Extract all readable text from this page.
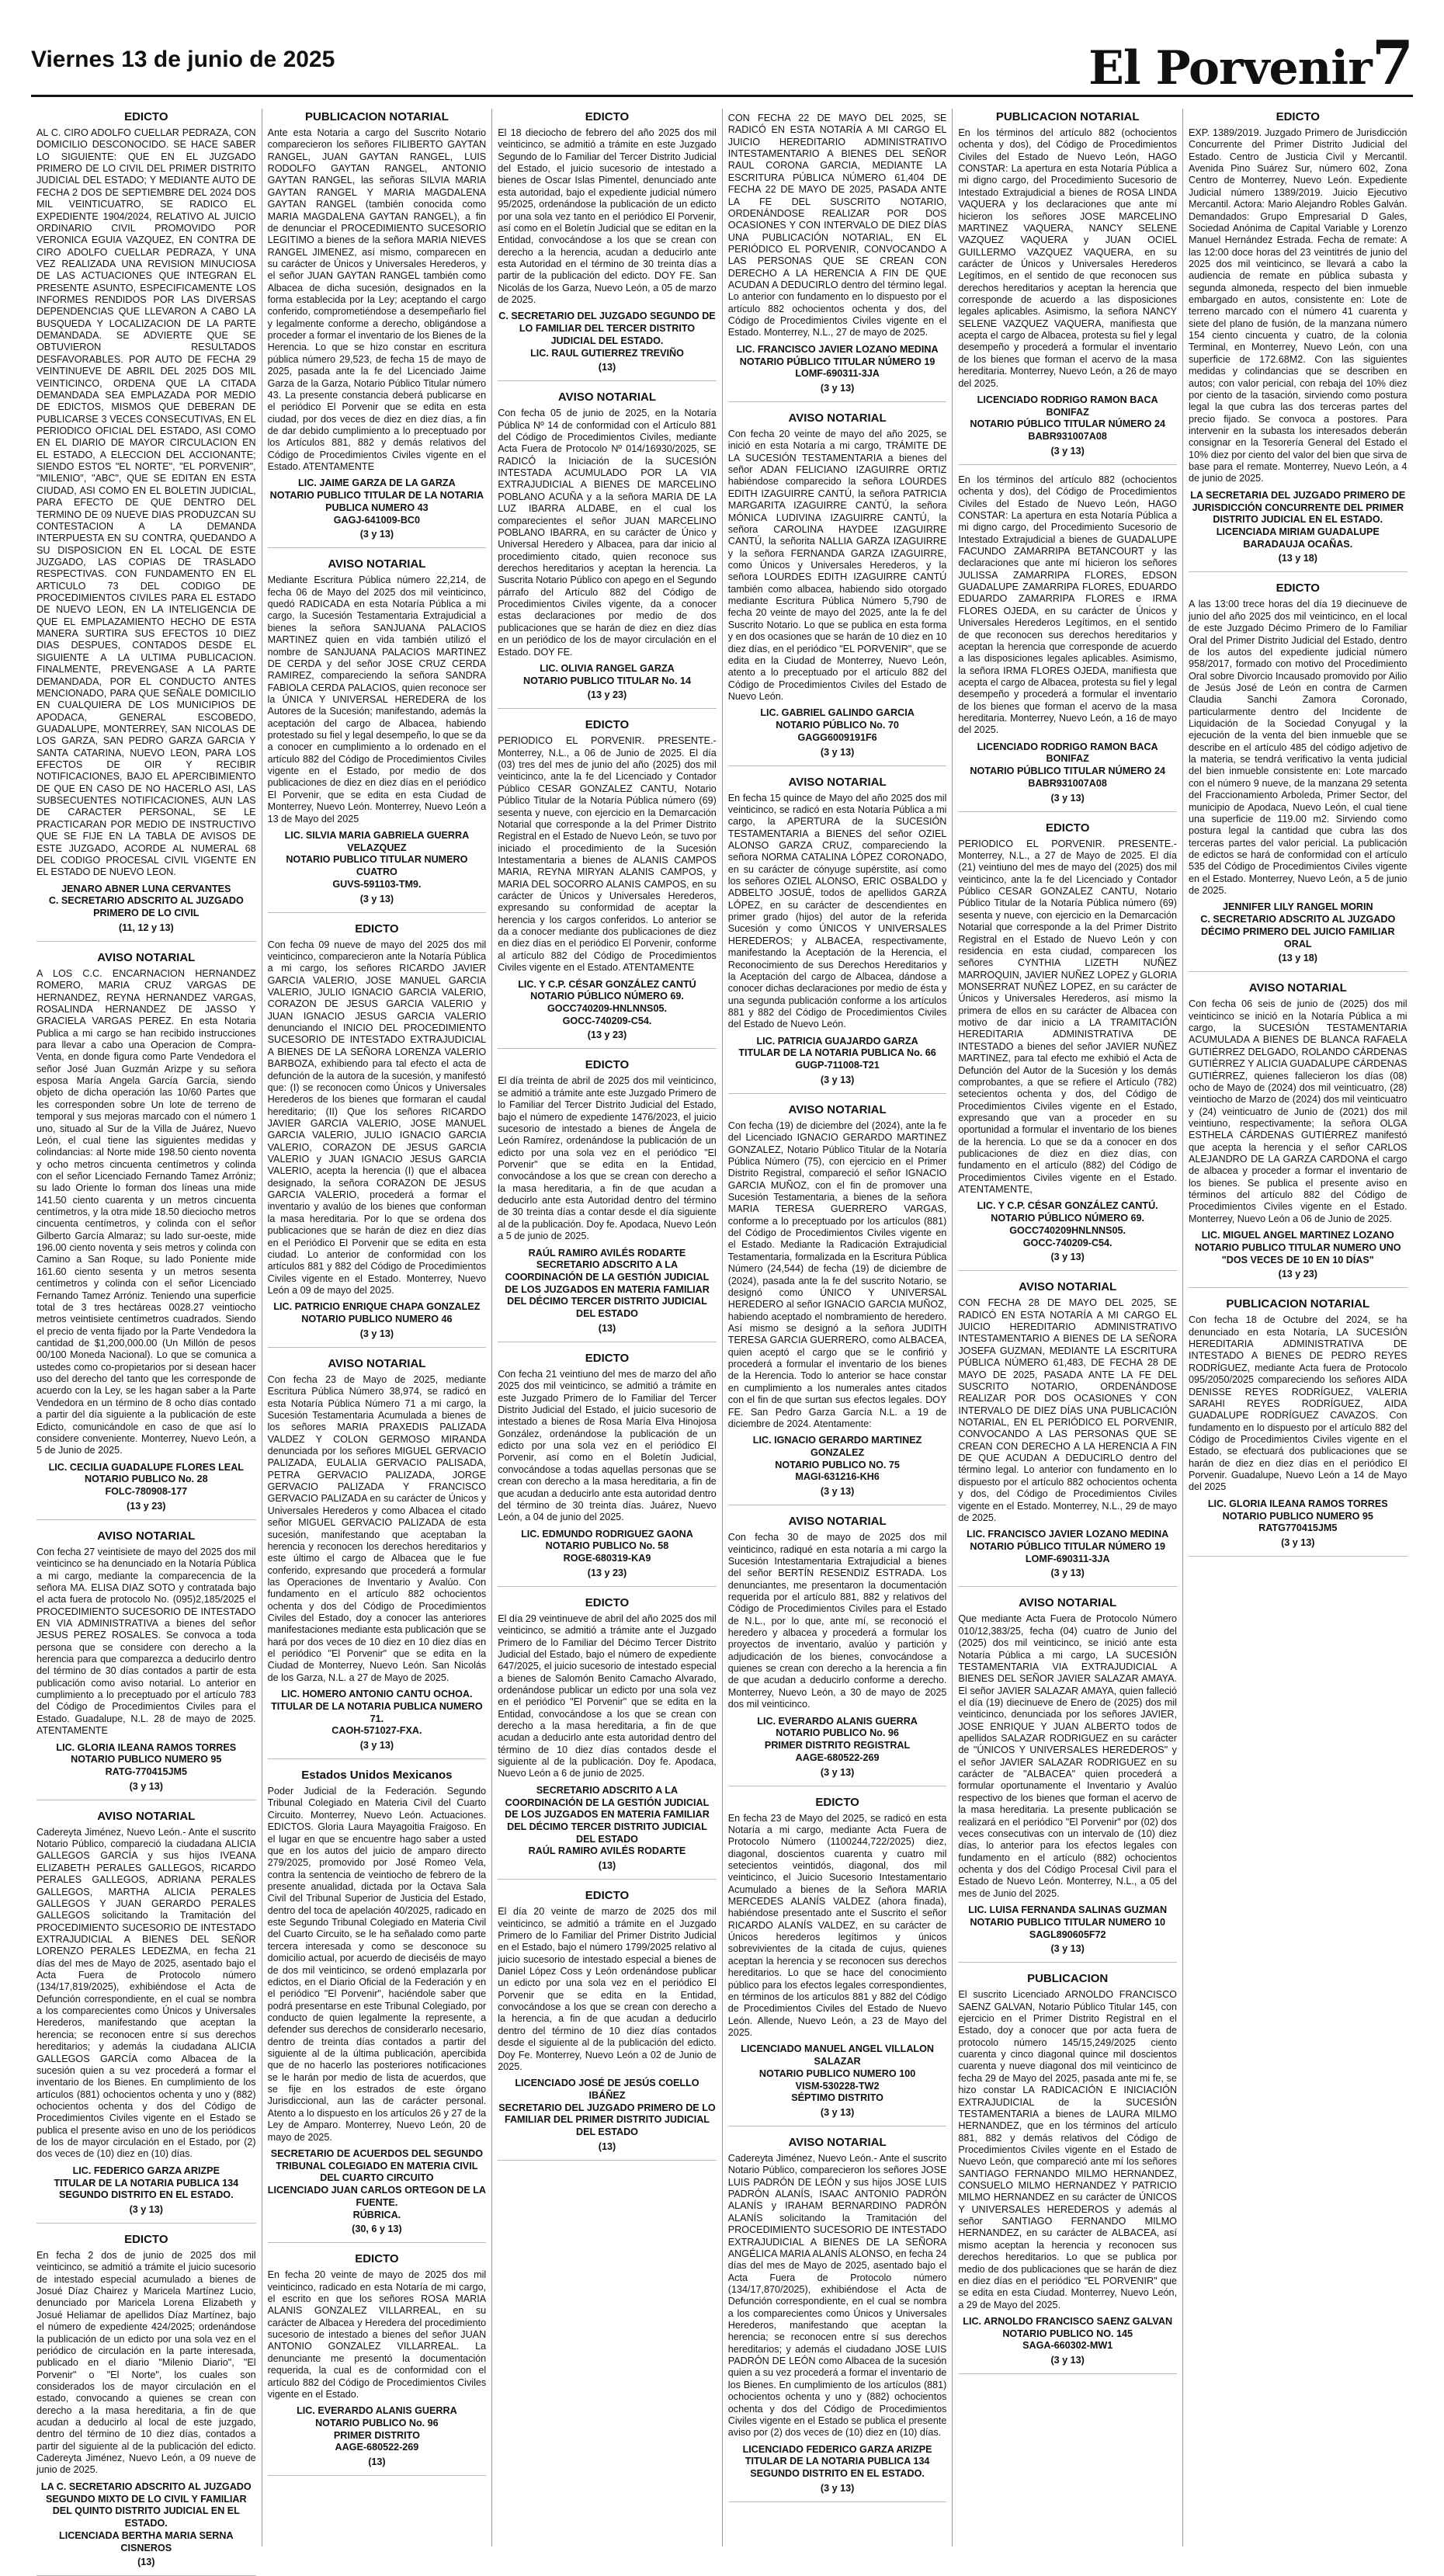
Viernes 13 de junio de 2025	El Porvenir7
EDICTO
AL C. CIRO ADOLFO CUELLAR PEDRAZA, CON DOMICILIO DESCONOCIDO. SE HACE SABER LO SIGUIENTE: QUE EN EL JUZGADO PRIMERO DE LO CIVIL DEL PRIMER DISTRITO JUDICIAL DEL ESTADO; Y MEDIANTE AUTO DE FECHA 2 DOS DE SEPTIEMBRE DEL 2024 DOS MIL VEINTICUATRO, SE RADICO EL EXPEDIENTE 1904/2024, RELATIVO AL JUICIO ORDINARIO CIVIL PROMOVIDO POR VERONICA EGUIA VAZQUEZ, EN CONTRA DE CIRO ADOLFO CUELLAR PEDRAZA, Y UNA VEZ REALIZADA UNA REVISION MINUCIOSA DE LAS ACTUACIONES QUE INTEGRAN EL PRESENTE ASUNTO, ESPECIFICAMENTE LOS INFORMES RENDIDOS POR LAS DIVERSAS DEPENDENCIAS QUE LLEVARON A CABO LA BUSQUEDA Y LOCALIZACION DE LA PARTE DEMANDADA. SE ADVIERTE QUE SE OBTUVIERON RESULTADOS DESFAVORABLES. POR AUTO DE FECHA 29 VEINTINUEVE DE ABRIL DEL 2025 DOS MIL VEINTICINCO, ORDENA QUE LA CITADA DEMANDADA SEA EMPLAZADA POR MEDIO DE EDICTOS, MISMOS QUE DEBERAN DE PUBLICARSE 3 VECES CONSECUTIVAS, EN EL PERIODICO OFICIAL DEL ESTADO, ASI COMO EN EL DIARIO DE MAYOR CIRCULACION EN EL ESTADO, A ELECCION DEL ACCIONANTE; SIENDO ESTOS "EL NORTE", "EL PORVENIR", "MILENIO", "ABC", QUE SE EDITAN EN ESTA CIUDAD, ASI COMO EN EL BOLETIN JUDICIAL, PARA EFECTO DE QUE DENTRO DEL TERMINO DE 09 NUEVE DIAS PRODUZCAN SU CONTESTACION A LA DEMANDA INTERPUESTA EN SU CONTRA, QUEDANDO A SU DISPOSICION EN EL LOCAL DE ESTE JUZGADO, LAS COPIAS DE TRASLADO RESPECTIVAS. CON FUNDAMENTO EN EL ARTICULO 73 DEL CODIGO DE PROCEDIMIENTOS CIVILES PARA EL ESTADO DE NUEVO LEON, EN LA INTELIGENCIA DE QUE EL EMPLAZAMIENTO HECHO DE ESTA MANERA SURTIRA SUS EFECTOS 10 DIEZ DIAS DESPUES, CONTADOS DESDE EL SIGUIENTE A LA ULTIMA PUBLICACION. FINALMENTE, PREVENGASE A LA PARTE DEMANDADA, POR EL CONDUCTO ANTES MENCIONADO, PARA QUE SEÑALE DOMICILIO EN CUALQUIERA DE LOS MUNICIPIOS DE APODACA, GENERAL ESCOBEDO, GUADALUPE, MONTERREY, SAN NICOLAS DE LOS GARZA, SAN PEDRO GARZA GARCIA Y SANTA CATARINA, NUEVO LEON, PARA LOS EFECTOS DE OIR Y RECIBIR NOTIFICACIONES, BAJO EL APERCIBIMIENTO DE QUE EN CASO DE NO HACERLO ASI, LAS SUBSECUENTES NOTIFICACIONES, AUN LAS DE CARACTER PERSONAL, SE LE PRACTICARAN POR MEDIO DE INSTRUCTIVO QUE SE FIJE EN LA TABLA DE AVISOS DE ESTE JUZGADO, ACORDE AL NUMERAL 68 DEL CODIGO PROCESAL CIVIL VIGENTE EN EL ESTADO DE NUEVO LEON.
JENARO ABNER LUNA CERVANTES
C. SECRETARIO ADSCRITO AL JUZGADO PRIMERO DE LO CIVIL
(11, 12 y 13)
AVISO NOTARIAL
A LOS C.C. ENCARNACION HERNANDEZ ROMERO, MARIA CRUZ VARGAS DE HERNANDEZ, REYNA HERNANDEZ VARGAS, ROSALINDA HERNANDEZ DE JASSO Y GRACIELA VARGAS PEREZ. En esta Notaria Publica a mi cargo se han recibido instrucciones para llevar a cabo una Operacion de Compra-Venta, en donde figura como Parte Vendedora el señor José Juan Guzmán Arizpe y su señora esposa María Angela García García, siendo objeto de dicha operación las 10/60 Partes que les corresponden sobre Un lote de terreno de temporal y sus mejoras marcado con el número 1 uno, situado al Sur de la Villa de Juárez, Nuevo León, el cual tiene las siguientes medidas y colindancias: al Norte mide 198.50 ciento noventa y ocho metros cincuenta centímetros y colinda con el señor Licenciado Fernando Tamez Arróniz; su lado Oriente lo forman dos líneas una mide 141.50 ciento cuarenta y un metros cincuenta centímetros, y la otra mide 18.50 dieciocho metros cincuenta centímetros, y colinda con el señor Gilberto García Almaraz; su lado sur-oeste, mide 196.00 ciento noventa y seis metros y colinda con Camino a San Roque, su lado Poniente mide 161.60 ciento sesenta y un metros sesenta centímetros y colinda con el señor Licenciado Fernando Tamez Arróniz. Teniendo una superficie total de 3 tres hectáreas 0028.27 veintiocho metros veintisiete centímetros cuadrados. Siendo el precio de venta fijado por la Parte Vendedora la cantidad de $1,200,000.00 (Un Millón de pesos 00/100 Moneda Nacional). Lo que se comunica a ustedes como co-propietarios por si desean hacer uso del derecho del tanto que les corresponde de acuerdo con la Ley, se les hagan saber a la Parte Vendedora en un término de 8 ocho días contado a partir del día siguiente a la publicación de este Edicto, comunicándole en caso de que así lo considere conveniente. Monterrey, Nuevo León, a 5 de Junio de 2025.
LIC. CECILIA GUADALUPE FLORES LEAL
NOTARIO PUBLICO No. 28
FOLC-780908-177
(13 y 23)
AVISO NOTARIAL
Con fecha 27 veintisiete de mayo del 2025 dos mil veinticinco se ha denunciado en la Notaría Pública a mi cargo, mediante la comparecencia de la señora MA. ELISA DIAZ SOTO y contratada bajo el acta fuera de protocolo No. (095)2,185/2025 el PROCEDIMIENTO SUCESORIO DE INTESTADO EN VIA ADMINISTRATIVA a bienes del señor JESUS PEREZ ROSALES. Se convoca a toda persona que se considere con derecho a la herencia para que comparezca a deducirlo dentro del término de 30 días contados a partir de esta publicación como aviso notarial. Lo anterior en cumplimiento a lo preceptuado por el artículo 783 del Código de Procedimientos Civiles para el Estado. Guadalupe, N.L. 28 de mayo de 2025. ATENTAMENTE
LIC. GLORIA ILEANA RAMOS TORRES
NOTARIO PUBLICO NUMERO 95
RATG-770415JM5
(3 y 13)
AVISO NOTARIAL
Cadereyta Jiménez, Nuevo León.- Ante el suscrito Notario Público, compareció la ciudadana ALICIA GALLEGOS GARCÍA y sus hijos IVEANA ELIZABETH PERALES GALLEGOS, RICARDO PERALES GALLEGOS, ADRIANA PERALES GALLEGOS, MARTHA ALICIA PERALES GALLEGOS Y JUAN GERARDO PERALES GALLEGOS solicitando la Tramitación del PROCEDIMIENTO SUCESORIO DE INTESTADO EXTRAJUDICIAL A BIENES DEL SEÑOR LORENZO PERALES LEDEZMA, en fecha 21 días del mes de Mayo de 2025, asentado bajo el Acta Fuera de Protocolo número (134/17,819/2025), exhibiéndose el Acta de Defunción correspondiente, en el cual se nombra a los comparecientes como Únicos y Universales Herederos, manifestando que aceptan la herencia; se reconocen entre sí sus derechos hereditarios; y además la ciudadana ALICIA GALLEGOS GARCÍA como Albacea de la sucesión quien a su vez procederá a formar el inventario de los Bienes. En cumplimiento de los artículos (881) ochocientos ochenta y uno y (882) ochocientos ochenta y dos del Código de Procedimientos Civiles vigente en el Estado se publica el presente aviso en uno de los periódicos de los de mayor circulación en el Estado, por (2) dos veces de (10) diez en (10) días.
LIC. FEDERICO GARZA ARIZPE
TITULAR DE LA NOTARIA PUBLICA 134
SEGUNDO DISTRITO EN EL ESTADO.
(3 y 13)
EDICTO
En fecha 2 dos de junio de 2025 dos mil veinticinco, se admitió a trámite el juicio sucesorio de intestado especial acumulado a bienes de Josué Díaz Chairez y Maricela Martínez Lucio, denunciado por Maricela Lorena Elizabeth y Josué Heliamar de apellidos Díaz Martínez, bajo el número de expediente 424/2025; ordenándose la publicación de un edicto por una sola vez en el periódico de circulación en la parte interesada, publicado en el diario "Milenio Diario", "El Porvenir" o "El Norte", los cuales son considerados los de mayor circulación en el estado, convocando a quienes se crean con derecho a la masa hereditaria, a fin de que acudan a deducirlo al local de este juzgado, dentro del término de 10 diez días, contados a partir del siguiente al de la publicación del edicto. Cadereyta Jiménez, Nuevo León, a 09 nueve de junio de 2025.
LA C. SECRETARIO ADSCRITO AL JUZGADO SEGUNDO MIXTO DE LO CIVIL Y FAMILIAR DEL QUINTO DISTRITO JUDICIAL EN EL ESTADO.
LICENCIADA BERTHA MARIA SERNA CISNEROS
(13)
PUBLICACION NOTARIAL
Ante esta Notaria a cargo del Suscrito Notario comparecieron los señores FILIBERTO GAYTAN RANGEL, JUAN GAYTAN RANGEL, LUIS RODOLFO GAYTAN RANGEL, ANTONIO GAYTAN RANGEL, las señoras SILVIA MARIA GAYTAN RANGEL Y MARIA MAGDALENA GAYTAN RANGEL (también conocida como MARIA MAGDALENA GAYTAN RANGEL), a fin de denunciar el PROCEDIMIENTO SUCESORIO LEGITIMO a bienes de la señora MARIA NIEVES RANGEL JIMENEZ, así mismo, comparecen en su carácter de Únicos y Universales Herederos, y el señor JUAN GAYTAN RANGEL también como Albacea de dicha sucesión, designados en la forma establecida por la Ley; aceptando el cargo conferido, comprometiéndose a desempeñarlo fiel y legalmente conforme a derecho, obligándose a proceder a formar el inventario de los Bienes de la Herencia. Lo que se hizo constar en escritura pública número 29,523, de fecha 15 de mayo de 2025, pasada ante la fe del Licenciado Jaime Garza de la Garza, Notario Público Titular número 43. La presente constancia deberá publicarse en el periódico El Porvenir que se edita en esta ciudad, por dos veces de diez en diez días, a fin de dar debido cumplimiento a lo preceptuado por los Artículos 881, 882 y demás relativos del Código de Procedimientos Civiles vigente en el Estado. ATENTAMENTE
LIC. JAIME GARZA DE LA GARZA
NOTARIO PUBLICO TITULAR DE LA NOTARIA PUBLICA NUMERO 43
GAGJ-641009-BC0
(3 y 13)
AVISO NOTARIAL
Mediante Escritura Pública número 22,214, de fecha 06 de Mayo del 2025 dos mil veinticinco, quedó RADICADA en esta Notaría Pública a mi cargo, la Sucesión Testamentaria Extrajudicial a bienes la señora SANJUANA PALACIOS MARTINEZ quien en vida también utilizó el nombre de SANJUANA PALACIOS MARTINEZ DE CERDA y del señor JOSE CRUZ CERDA RAMIREZ, compareciendo la señora SANDRA FABIOLA CERDA PALACIOS, quien reconoce ser la ÚNICA Y UNIVERSAL HEREDERA de los Autores de la Sucesión; manifestando, además la aceptación del cargo de Albacea, habiendo protestado su fiel y legal desempeño, lo que se da a conocer en cumplimiento a lo ordenado en el artículo 882 del Código de Procedimientos Civiles vigente en el Estado, por medio de dos publicaciones de diez en diez días en el periódico El Porvenir, que se edita en esta Ciudad de Monterrey, Nuevo León. Monterrey, Nuevo León a 13 de Mayo del 2025
LIC. SILVIA MARIA GABRIELA GUERRA VELAZQUEZ
NOTARIO PUBLICO TITULAR NUMERO CUATRO
GUVS-591103-TM9.
(3 y 13)
EDICTO
Con fecha 09 nueve de mayo del 2025 dos mil veinticinco, comparecieron ante la Notaría Pública a mi cargo, los señores RICARDO JAVIER GARCIA VALERIO, JOSE MANUEL GARCIA VALERIO, JULIO IGNACIO GARCIA VALERIO, CORAZON DE JESUS GARCIA VALERIO y JUAN IGNACIO JESUS GARCIA VALERIO denunciando el INICIO DEL PROCEDIMIENTO SUCESORIO DE INTESTADO EXTRAJUDICIAL A BIENES DE LA SEÑORA LORENZA VALERIO BARBOZA, exhibiendo para tal efecto el acta de defunción de la autora de la sucesión, y manifestó que: (I) se reconocen como Únicos y Universales Herederos de los bienes que formaran el caudal hereditario; (II) Que los señores RICARDO JAVIER GARCIA VALERIO, JOSE MANUEL GARCIA VALERIO, JULIO IGNACIO GARCIA VALERIO, CORAZON DE JESUS GARCIA VALERIO y JUAN IGNACIO JESUS GARCIA VALERIO, acepta la herencia (I) que el albacea designado, la señora CORAZON DE JESUS GARCIA VALERIO, procederá a formar el inventario y avalúo de los bienes que conforman la masa hereditaria. Por lo que se ordena dos publicaciones que se harán de diez en diez días en el Periódico El Porvenir que se edita en esta ciudad. Lo anterior de conformidad con los artículos 881 y 882 del Código de Procedimientos Civiles vigente en el Estado. Monterrey, Nuevo León a 09 de mayo del 2025.
LIC. PATRICIO ENRIQUE CHAPA GONZALEZ
NOTARIO PUBLICO NUMERO 46
(3 y 13)
AVISO NOTARIAL
Con fecha 23 de Mayo de 2025, mediante Escritura Pública Número 38,974, se radicó en esta Notaría Pública Número 71 a mi cargo, la Sucesión Testamentaria Acumulada a bienes de los señores MARIA PRAXEDIS PALIZADA VALDEZ Y COLON GERMOSO MIRANDA denunciada por los señores MIGUEL GERVACIO PALIZADA, EULALIA GERVACIO PALISADA, PETRA GERVACIO PALIZADA, JORGE GERVACIO PALIZADA Y FRANCISCO GERVACIO PALIZADA en su carácter de Únicos y Universales Herederos y como Albacea el citado señor MIGUEL GERVACIO PALIZADA de esta sucesión, manifestando que aceptaban la herencia y reconocen los derechos hereditarios y este último el cargo de Albacea que le fue conferido, expresando que procederá a formular las Operaciones de Inventario y Avalúo. Con fundamento en el artículo 882 ochocientos ochenta y dos del Código de Procedimientos Civiles del Estado, doy a conocer las anteriores manifestaciones mediante esta publicación que se hará por dos veces de 10 diez en 10 diez días en el periódico "El Porvenir" que se edita en la Ciudad de Monterrey, Nuevo León. San Nicolás de los Garza, N.L. a 27 de Mayo de 2025.
LIC. HOMERO ANTONIO CANTU OCHOA.
TITULAR DE LA NOTARIA PUBLICA NUMERO 71.
CAOH-571027-FXA.
(3 y 13)
Estados Unidos Mexicanos
Poder Judicial de la Federación. Segundo Tribunal Colegiado en Materia Civil del Cuarto Circuito. Monterrey, Nuevo León. Actuaciones. EDICTOS. Gloria Laura Mayagoitia Fraigoso. En el lugar en que se encuentre hago saber a usted que en los autos del juicio de amparo directo 279/2025, promovido por José Romeo Vela, contra la sentencia de veintiocho de febrero de la presente anualidad, dictada por la Octava Sala Civil del Tribunal Superior de Justicia del Estado, dentro del toca de apelación 40/2025, radicado en este Segundo Tribunal Colegiado en Materia Civil del Cuarto Circuito, se le ha señalado como parte tercera interesada y como se desconoce su domicilio actual, por acuerdo de dieciséis de mayo de dos mil veinticinco, se ordenó emplazarla por edictos, en el Diario Oficial de la Federación y en el periódico "El Porvenir", haciéndole saber que podrá presentarse en este Tribunal Colegiado, por conducto de quien legalmente la represente, a defender sus derechos de considerarlo necesario, dentro de treinta días contados a partir del siguiente al de la última publicación, apercibida que de no hacerlo las posteriores notificaciones se le harán por medio de lista de acuerdos, que se fije en los estrados de este órgano Jurisdiccional, aun las de carácter personal. Atento a lo dispuesto en los artículos 26 y 27 de la Ley de Amparo. Monterrey, Nuevo León, 20 de mayo de 2025.
SECRETARIO DE ACUERDOS DEL SEGUNDO TRIBUNAL COLEGIADO EN MATERIA CIVIL DEL CUARTO CIRCUITO
LICENCIADO JUAN CARLOS ORTEGON DE LA FUENTE.
RÚBRICA.
(30, 6 y 13)
EDICTO
En fecha 20 veinte de mayo de 2025 dos mil veinticinco, radicado en esta Notaría de mi cargo, el escrito en que los señores ROSA MARIA ALANIS GONZALEZ VILLARREAL, en su carácter de Albacea y Heredera del procedimiento sucesorio de intestado a bienes del señor JUAN ANTONIO GONZALEZ VILLARREAL. La denunciante me presentó la documentación requerida, la cual es de conformidad con el artículo 882 del Código de Procedimientos Civiles vigente en el Estado.
LIC. EVERARDO ALANIS GUERRA
NOTARIO PUBLICO No. 96
PRIMER DISTRITO
AAGE-680522-269
(13)
EDICTO
El 18 dieciocho de febrero del año 2025 dos mil veinticinco, se admitió a trámite en este Juzgado Segundo de lo Familiar del Tercer Distrito Judicial del Estado, el juicio sucesorio de intestado a bienes de Oscar Islas Pimentel, denunciado ante esta autoridad, bajo el expediente judicial número 95/2025, ordenándose la publicación de un edicto por una sola vez tanto en el periódico El Porvenir, así como en el Boletín Judicial que se editan en la Entidad, convocándose a los que se crean con derecho a la herencia, acudan a deducirlo ante esta Autoridad en el término de 30 treinta días a partir de la publicación del edicto. DOY FE. San Nicolás de los Garza, Nuevo León, a 05 de marzo de 2025.
C. SECRETARIO DEL JUZGADO SEGUNDO DE LO FAMILIAR DEL TERCER DISTRITO JUDICIAL DEL ESTADO.
LIC. RAUL GUTIERREZ TREVIÑO
(13)
AVISO NOTARIAL
Con fecha 05 de junio de 2025, en la Notaría Pública Nº 14 de conformidad con el Artículo 881 del Código de Procedimientos Civiles, mediante Acta Fuera de Protocolo Nº 014/16930/2025, SE RADICÓ la Iniciación de la SUCESIÓN INTESTADA ACUMULADO POR LA VIA EXTRAJUDICIAL A BIENES DE MARCELINO POBLANO ACUÑA y a la señora MARIA DE LA LUZ IBARRA ALDABE, en el cual los comparecientes el señor JUAN MARCELINO POBLANO IBARRA, en su carácter de Único y Universal Heredero y Albacea, para dar inicio al procedimiento citado, quien reconoce sus derechos hereditarios y aceptan la herencia. La Suscrita Notario Público con apego en el Segundo párrafo del Artículo 882 del Código de Procedimientos Civiles vigente, da a conocer estas declaraciones por medio de dos publicaciones que se harán de diez en diez días en un periódico de los de mayor circulación en el Estado. DOY FE.
LIC. OLIVIA RANGEL GARZA
NOTARIO PUBLICO TITULAR No. 14
(13 y 23)
EDICTO
PERIODICO EL PORVENIR. PRESENTE.- Monterrey, N.L., a 06 de Junio de 2025. El día (03) tres del mes de junio del año (2025) dos mil veinticinco, ante la fe del Licenciado y Contador Público CESAR GONZALEZ CANTU, Notario Público Titular de la Notaría Pública número (69) sesenta y nueve, con ejercicio en la Demarcación Notarial que corresponde a la del Primer Distrito Registral en el Estado de Nuevo León, se tuvo por iniciado el procedimiento de la Sucesión Intestamentaria a bienes de ALANIS CAMPOS MARIA, REYNA MIRYAN ALANIS CAMPOS, y MARIA DEL SOCORRO ALANIS CAMPOS, en su carácter de Únicos y Universales Herederos, expresando su conformidad de aceptar la herencia y los cargos conferidos. Lo anterior se da a conocer mediante dos publicaciones de diez en diez días en el periódico El Porvenir, conforme al artículo 882 del Código de Procedimientos Civiles vigente en el Estado. ATENTAMENTE
LIC. Y C.P. CÉSAR GONZÁLEZ CANTÚ
NOTARIO PÚBLICO NÚMERO 69.
GOCC740209-HNLNNS05.
GOCC-740209-C54.
(13 y 23)
EDICTO
El día treinta de abril de 2025 dos mil veinticinco, se admitió a trámite ante este Juzgado Primero de lo Familiar del Tercer Distrito Judicial del Estado, bajo el número de expediente 1476/2023, el juicio sucesorio de intestado a bienes de Ángela de León Ramírez, ordenándose la publicación de un edicto por una sola vez en el periódico "El Porvenir" que se edita en la Entidad, convocándose a los que se crean con derecho a la masa hereditaria, a fin de que acudan a deducirlo ante esta Autoridad dentro del término de 30 treinta días a contar desde el día siguiente al de la publicación. Doy fe. Apodaca, Nuevo León a 5 de junio de 2025.
RAÚL RAMIRO AVILÉS RODARTE
SECRETARIO ADSCRITO A LA COORDINACIÓN DE LA GESTIÓN JUDICIAL DE LOS JUZGADOS EN MATERIA FAMILIAR DEL DÉCIMO TERCER DISTRITO JUDICIAL DEL ESTADO
(13)
EDICTO
Con fecha 21 veintiuno del mes de marzo del año 2025 dos mil veinticinco, se admitió a trámite en este Juzgado Primero de lo Familiar del Tercer Distrito Judicial del Estado, el juicio sucesorio de intestado a bienes de Rosa María Elva Hinojosa González, ordenándose la publicación de un edicto por una sola vez en el periódico El Porvenir, así como en el Boletín Judicial, convocándose a todas aquellas personas que se crean con derecho a la masa hereditaria, a fin de que acudan a deducirlo ante esta autoridad dentro del término de 30 treinta días. Juárez, Nuevo León, a 04 de junio del 2025.
LIC. EDMUNDO RODRIGUEZ GAONA
NOTARIO PUBLICO No. 58
ROGE-680319-KA9
(13 y 23)
EDICTO
El día 29 veintinueve de abril del año 2025 dos mil veinticinco, se admitió a trámite ante el Juzgado Primero de lo Familiar del Décimo Tercer Distrito Judicial del Estado, bajo el número de expediente 647/2025, el juicio sucesorio de intestado especial a bienes de Salomón Benito Camacho Alvarado, ordenándose publicar un edicto por una sola vez en el periódico "El Porvenir" que se edita en la Entidad, convocándose a los que se crean con derecho a la masa hereditaria, a fin de que acudan a deducirlo ante esta autoridad dentro del término de 10 diez días contados desde el siguiente al de la publicación. Doy fe. Apodaca, Nuevo León a 6 de junio de 2025.
SECRETARIO ADSCRITO A LA COORDINACIÓN DE LA GESTIÓN JUDICIAL DE LOS JUZGADOS EN MATERIA FAMILIAR DEL DÉCIMO TERCER DISTRITO JUDICIAL DEL ESTADO
RAÚL RAMIRO AVILÉS RODARTE
(13)
EDICTO
El día 20 veinte de marzo de 2025 dos mil veinticinco, se admitió a trámite en el Juzgado Primero de lo Familiar del Primer Distrito Judicial en el Estado, bajo el número 1799/2025 relativo al juicio sucesorio de intestado especial a bienes de Daniel López Coss y León ordenándose publicar un edicto por una sola vez en el periódico El Porvenir que se edita en la Entidad, convocándose a los que se crean con derecho a la herencia, a fin de que acudan a deducirlo dentro del término de 10 diez días contados desde el siguiente al de la publicación del edicto. Doy Fe. Monterrey, Nuevo León a 02 de Junio de 2025.
LICENCIADO JOSÉ DE JESÚS COELLO IBÁÑEZ
SECRETARIO DEL JUZGADO PRIMERO DE LO FAMILIAR DEL PRIMER DISTRITO JUDICIAL DEL ESTADO
(13)
CON FECHA 22 DE MAYO DEL 2025, SE RADICÓ EN ESTA NOTARÍA A MI CARGO EL JUICIO HEREDITARIO ADMINISTRATIVO INTESTAMENTARIO A BIENES DEL SEÑOR RAUL CORONA GARCIA, MEDIANTE LA ESCRITURA PÚBLICA NÚMERO 61,404 DE FECHA 22 DE MAYO DE 2025, PASADA ANTE LA FE DEL SUSCRITO NOTARIO, ORDENÁNDOSE REALIZAR POR DOS OCASIONES Y CON INTERVALO DE DIEZ DÍAS UNA PUBLICACIÓN NOTARIAL, EN EL PERIÓDICO EL PORVENIR, CONVOCANDO A LAS PERSONAS QUE SE CREAN CON DERECHO A LA HERENCIA A FIN DE QUE ACUDAN A DEDUCIRLO dentro del término legal. Lo anterior con fundamento en lo dispuesto por el artículo 882 ochocientos ochenta y dos, del Código de Procedimientos Civiles vigente en el Estado. Monterrey, N.L., 27 de mayo de 2025.
LIC. FRANCISCO JAVIER LOZANO MEDINA
NOTARIO PÚBLICO TITULAR NÚMERO 19
LOMF-690311-3JA
(3 y 13)
AVISO NOTARIAL
Con fecha 20 veinte de mayo del año 2025, se inició en esta Notaría a mi cargo, TRÁMITE DE LA SUCESIÓN TESTAMENTARIA a bienes del señor ADAN FELICIANO IZAGUIRRE ORTIZ habiéndose comparecido la señora LOURDES EDITH IZAGUIRRE CANTÚ, la señora PATRICIA MARGARITA IZAGUIRRE CANTÚ, la señora MÓNICA LUDIVINA IZAGUIRRE CANTÚ, la señora CAROLINA HAYDEE IZAGUIRRE CANTÚ, la señorita NALLIA GARZA IZAGUIRRE y la señora FERNANDA GARZA IZAGUIRRE, como Únicos y Universales Herederos, y la señora LOURDES EDITH IZAGUIRRE CANTÚ también como albacea, habiendo sido otorgado mediante Escritura Pública Número 5,790 de fecha 20 veinte de mayo del 2025, ante la fe del Suscrito Notario. Lo que se publica en esta forma y en dos ocasiones que se harán de 10 diez en 10 diez días, en el periódico "EL PORVENIR", que se edita en la Ciudad de Monterrey, Nuevo León, atento a lo preceptuado por el artículo 882 del Código de Procedimientos Civiles del Estado de Nuevo León.
LIC. GABRIEL GALINDO GARCIA
NOTARIO PÚBLICO No. 70
GAGG6009191F6
(3 y 13)
AVISO NOTARIAL
En fecha 15 quince de Mayo del año 2025 dos mil veinticinco, se radicó en esta Notaría Pública a mi cargo, la APERTURA de la SUCESIÓN TESTAMENTARIA a BIENES del señor OZIEL ALONSO GARZA CRUZ, compareciendo la señora NORMA CATALINA LÓPEZ CORONADO, en su carácter de cónyuge supérstite, así como los señores OZIEL ALONSO, ERIC OSBALDO y ADBELTO JOSUÉ, todos de apellidos GARZA LÓPEZ, en su carácter de descendientes en primer grado (hijos) del autor de la referida Sucesión y como ÚNICOS Y UNIVERSALES HEREDEROS; y ALBACEA, respectivamente, manifestando la Aceptación de la Herencia, el Reconocimiento de sus Derechos Hereditarios y la Aceptación del cargo de Albacea, dándose a conocer dichas declaraciones por medio de ésta y una segunda publicación conforme a los artículos 881 y 882 del Código de Procedimientos Civiles del Estado de Nuevo León.
LIC. PATRICIA GUAJARDO GARZA
TITULAR DE LA NOTARIA PUBLICA No. 66
GUGP-711008-T21
(3 y 13)
AVISO NOTARIAL
Con fecha (19) de diciembre del (2024), ante la fe del Licenciado IGNACIO GERARDO MARTINEZ GONZALEZ, Notario Público Titular de la Notaría Pública Número (75), con ejercicio en el Primer Distrito Registral, compareció el señor IGNACIO GARCIA MUÑOZ, con el fin de promover una Sucesión Testamentaria, a bienes de la señora MARIA TERESA GUERRERO VARGAS, conforme a lo preceptuado por los artículos (881) del Código de Procedimientos Civiles vigente en el Estado. Mediante la Radicación Extrajudicial Testamentaria, formalizada en la Escritura Pública Número (24,544) de fecha (19) de diciembre de (2024), pasada ante la fe del suscrito Notario, se designó como ÚNICO Y UNIVERSAL HEREDERO al señor IGNACIO GARCIA MUÑOZ, habiendo aceptado el nombramiento de heredero. Así mismo se designó a la señora JUDITH TERESA GARCIA GUERRERO, como ALBACEA, quien aceptó el cargo que se le confirió y procederá a formular el inventario de los bienes de la Herencia. Todo lo anterior se hace constar en cumplimiento a los numerales antes citados con el fin de que surtan sus efectos legales. DOY FE. San Pedro Garza García N.L. a 19 de diciembre de 2024. Atentamente:
LIC. IGNACIO GERARDO MARTINEZ GONZALEZ
NOTARIO PUBLICO NO. 75
MAGI-631216-KH6
(3 y 13)
AVISO NOTARIAL
Con fecha 30 de mayo de 2025 dos mil veinticinco, radiqué en esta notaría a mi cargo la Sucesión Intestamentaria Extrajudicial a bienes del señor BERTÍN RESENDIZ ESTRADA. Los denunciantes, me presentaron la documentación requerida por el artículo 881, 882 y relativos del Código de Procedimientos Civiles para el Estado de N.L., por lo que, ante mí, se reconoció el heredero y albacea y procederá a formular los proyectos de inventario, avalúo y partición y adjudicación de los bienes, convocándose a quienes se crean con derecho a la herencia a fin de que acudan a deducirlo conforme a derecho. Monterrey, Nuevo León, a 30 de mayo de 2025 dos mil veinticinco.
LIC. EVERARDO ALANIS GUERRA
NOTARIO PUBLICO No. 96
PRIMER DISTRITO REGISTRAL
AAGE-680522-269
(3 y 13)
EDICTO
En fecha 23 de Mayo del 2025, se radicó en esta Notaría a mi cargo, mediante Acta Fuera de Protocolo Número (1100244,722/2025) diez, diagonal, doscientos cuarenta y cuatro mil setecientos veintidós, diagonal, dos mil veinticinco, el Juicio Sucesorio Intestamentario Acumulado a bienes de la Señora MARIA MERCEDES ALANÍS VALDEZ (ahora finada), habiéndose presentado ante el Suscrito el señor RICARDO ALANÍS VALDEZ, en su carácter de Únicos herederos legítimos y únicos sobrevivientes de la citada de cujus, quienes aceptan la herencia y se reconocen sus derechos hereditarios. Lo que se hace del conocimiento público para los efectos legales correspondientes, en términos de los artículos 881 y 882 del Código de Procedimientos Civiles del Estado de Nuevo León. Allende, Nuevo León, a 23 de Mayo del 2025.
LICENCIADO MANUEL ANGEL VILLALON SALAZAR
NOTARIO PUBLICO NUMERO 100
VISM-530228-TW2
SÉPTIMO DISTRITO
(3 y 13)
AVISO NOTARIAL
Cadereyta Jiménez, Nuevo León.- Ante el suscrito Notario Público, comparecieron los señores JOSE LUIS PADRÓN DE LEÓN y sus hijos JOSE LUIS PADRÓN ALANÍS, ISAAC ANTONIO PADRÓN ALANÍS y IRAHAM BERNARDINO PADRÓN ALANÍS solicitando la Tramitación del PROCEDIMIENTO SUCESORIO DE INTESTADO EXTRAJUDICIAL A BIENES DE LA SEÑORA ANGÉLICA MARIA ALANÍS ALONSO, en fecha 24 días del mes de Mayo de 2025, asentado bajo el Acta Fuera de Protocolo número (134/17,870/2025), exhibiéndose el Acta de Defunción correspondiente, en el cual se nombra a los comparecientes como Únicos y Universales Herederos, manifestando que aceptan la herencia; se reconocen entre sí sus derechos hereditarios; y además el ciudadano JOSE LUIS PADRÓN DE LEÓN como Albacea de la sucesión quien a su vez procederá a formar el inventario de los Bienes. En cumplimiento de los artículos (881) ochocientos ochenta y uno y (882) ochocientos ochenta y dos del Código de Procedimientos Civiles vigente en el Estado se publica el presente aviso por (2) dos veces de (10) diez en (10) días.
LICENCIADO FEDERICO GARZA ARIZPE
TITULAR DE LA NOTARIA PUBLICA 134
SEGUNDO DISTRITO EN EL ESTADO.
(3 y 13)
PUBLICACION NOTARIAL
En los términos del artículo 882 (ochocientos ochenta y dos), del Código de Procedimientos Civiles del Estado de Nuevo León, HAGO CONSTAR: La apertura en esta Notaría Pública a mi digno cargo, del Procedimiento Sucesorio de Intestado Extrajudicial a bienes de ROSA LINDA VAQUERA y los declaraciones que ante mí hicieron los señores JOSE MARCELINO MARTINEZ VAQUERA, NANCY SELENE VAZQUEZ VAQUERA y JUAN OCIEL GUILLERMO VAZQUEZ VAQUERA, en su carácter de Únicos y Universales Herederos Legítimos, en el sentido de que reconocen sus derechos hereditarios y aceptan la herencia que corresponde de acuerdo a las disposiciones legales aplicables. Asimismo, la señora NANCY SELENE VAZQUEZ VAQUERA, manifiesta que acepta el cargo de Albacea, protesta su fiel y legal desempeño y procederá a formular el inventario de los bienes que forman el acervo de la masa hereditaria. Monterrey, Nuevo León, a 26 de mayo del 2025.
LICENCIADO RODRIGO RAMON BACA BONIFAZ
NOTARIO PÚBLICO TITULAR NÚMERO 24
BABR931007A08
(3 y 13)
En los términos del artículo 882 (ochocientos ochenta y dos), del Código de Procedimientos Civiles del Estado de Nuevo León, HAGO CONSTAR: La apertura en esta Notaría Pública a mi digno cargo, del Procedimiento Sucesorio de Intestado Extrajudicial a bienes de GUADALUPE FACUNDO ZAMARRIPA BETANCOURT y las declaraciones que ante mí hicieron los señores JULISSA ZAMARRIPA FLORES, EDSON GUADALUPE ZAMARRIPA FLORES, EDUARDO EDUARDO ZAMARRIPA FLORES e IRMA FLORES OJEDA, en su carácter de Únicos y Universales Herederos Legítimos, en el sentido de que reconocen sus derechos hereditarios y aceptan la herencia que corresponde de acuerdo a las disposiciones legales aplicables. Asimismo, la señora IRMA FLORES OJEDA, manifiesta que acepta el cargo de Albacea, protesta su fiel y legal desempeño y procederá a formular el inventario de los bienes que forman el acervo de la masa hereditaria. Monterrey, Nuevo León, a 16 de mayo del 2025.
LICENCIADO RODRIGO RAMON BACA BONIFAZ
NOTARIO PÚBLICO TITULAR NÚMERO 24
BABR931007A08
(3 y 13)
EDICTO
PERIODICO EL PORVENIR. PRESENTE.- Monterrey, N.L., a 27 de Mayo de 2025. El día (21) veintiuno del mes de mayo del (2025) dos mil veinticinco, ante la fe del Licenciado y Contador Público CESAR GONZALEZ CANTU, Notario Público Titular de la Notaría Pública número (69) sesenta y nueve, con ejercicio en la Demarcación Notarial que corresponde a la del Primer Distrito Registral en el Estado de Nuevo León y con residencia en esta ciudad, comparecen los señores CYNTHIA LIZETH NUÑEZ MARROQUIN, JAVIER NUÑEZ LOPEZ y GLORIA MONSERRAT NUÑEZ LOPEZ, en su carácter de Únicos y Universales Herederos, así mismo la primera de ellos en su carácter de Albacea con motivo de dar inicio a LA TRAMITACIÓN HEREDITARIA ADMINISTRATIVA DE INTESTADO a bienes del señor JAVIER NUÑEZ MARTINEZ, para tal efecto me exhibió el Acta de Defunción del Autor de la Sucesión y los demás comprobantes, a que se refiere el Artículo (782) setecientos ochenta y dos, del Código de Procedimientos Civiles vigente en el Estado, expresando que van a proceder en su oportunidad a formular el inventario de los bienes de la herencia. Lo que se da a conocer en dos publicaciones de diez en diez días, con fundamento en el artículo (882) del Código de Procedimientos Civiles vigente en el Estado. ATENTAMENTE,
LIC. Y C.P. CÉSAR GONZÁLEZ CANTÚ.
NOTARIO PÚBLICO NÚMERO 69.
GOCC740209HNLNNS05.
GOCC-740209-C54.
(3 y 13)
AVISO NOTARIAL
CON FECHA 28 DE MAYO DEL 2025, SE RADICÓ EN ESTA NOTARÍA A MI CARGO EL JUICIO HEREDITARIO ADMINISTRATIVO INTESTAMENTARIO A BIENES DE LA SEÑORA JOSEFA GUZMAN, MEDIANTE LA ESCRITURA PÚBLICA NÚMERO 61,483, DE FECHA 28 DE MAYO DE 2025, PASADA ANTE LA FE DEL SUSCRITO NOTARIO, ORDENÁNDOSE REALIZAR POR DOS OCASIONES Y CON INTERVALO DE DIEZ DÍAS UNA PUBLICACIÓN NOTARIAL, EN EL PERIÓDICO EL PORVENIR, CONVOCANDO A LAS PERSONAS QUE SE CREAN CON DERECHO A LA HERENCIA A FIN DE QUE ACUDAN A DEDUCIRLO dentro del término legal. Lo anterior con fundamento en lo dispuesto por el artículo 882 ochocientos ochenta y dos, del Código de Procedimientos Civiles vigente en el Estado. Monterrey, N.L., 29 de mayo de 2025.
LIC. FRANCISCO JAVIER LOZANO MEDINA
NOTARIO PÚBLICO TITULAR NÚMERO 19
LOMF-690311-3JA
(3 y 13)
AVISO NOTARIAL
Que mediante Acta Fuera de Protocolo Número 010/12,383/25, fecha (04) cuatro de Junio del (2025) dos mil veinticinco, se inició ante esta Notaría Pública a mi cargo, LA SUCESIÓN TESTAMENTARIA VIA EXTRAJUDICIAL A BIENES DEL SEÑOR JAVIER SALAZAR AMAYA. El señor JAVIER SALAZAR AMAYA, quien falleció el día (19) diecinueve de Enero de (2025) dos mil veinticinco, denunciada por los señores JAVIER, JOSE ENRIQUE Y JUAN ALBERTO todos de apellidos SALAZAR RODRIGUEZ en su carácter de "ÚNICOS Y UNIVERSALES HEREDEROS" y el señor JAVIER SALAZAR RODRIGUEZ en su carácter de "ALBACEA" quien procederá a formular oportunamente el Inventario y Avalúo respectivo de los bienes que forman el acervo de la masa hereditaria. La presente publicación se realizará en el periódico "El Porvenir" por (02) dos veces consecutivas con un intervalo de (10) diez días, lo anterior para los efectos legales con fundamento en el artículo (882) ochocientos ochenta y dos del Código Procesal Civil para el Estado de Nuevo León. Monterrey, N.L., a 05 del mes de Junio del 2025.
LIC. LUISA FERNANDA SALINAS GUZMAN
NOTARIO PUBLICO TITULAR NUMERO 10
SAGL890605F72
(3 y 13)
PUBLICACION
El suscrito Licenciado ARNOLDO FRANCISCO SAENZ GALVAN, Notario Público Titular 145, con ejercicio en el Primer Distrito Registral en el Estado, doy a conocer que por acta fuera de protocolo número 145/15,249/2025 ciento cuarenta y cinco diagonal quince mil doscientos cuarenta y nueve diagonal dos mil veinticinco de fecha 29 de Mayo del 2025, pasada ante mi fe, se hizo constar LA RADICACIÓN E INICIACIÓN EXTRAJUDICIAL de la SUCESIÓN TESTAMENTARIA a bienes de LAURA MILMO HERNANDEZ, que en los términos del artículo 881, 882 y demás relativos del Código de Procedimientos Civiles vigente en el Estado de Nuevo León, que compareció ante mí los señores SANTIAGO FERNANDO MILMO HERNANDEZ, CONSUELO MILMO HERNANDEZ Y PATRICIO MILMO HERNANDEZ en su carácter de ÚNICOS Y UNIVERSALES HEREDEROS y además al señor SANTIAGO FERNANDO MILMO HERNANDEZ, en su carácter de ALBACEA, así mismo aceptan la herencia y reconocen sus derechos hereditarios. Lo que se publica por medio de dos publicaciones que se harán de diez en diez días en el periódico "EL PORVENIR" que se edita en esta Ciudad. Monterrey, Nuevo León, a 29 de Mayo del 2025.
LIC. ARNOLDO FRANCISCO SAENZ GALVAN
NOTARIO PUBLICO NO. 145
SAGA-660302-MW1
(3 y 13)
EDICTO
EXP. 1389/2019. Juzgado Primero de Jurisdicción Concurrente del Primer Distrito Judicial del Estado. Centro de Justicia Civil y Mercantil. Avenida Pino Suárez Sur, número 602, Zona Centro de Monterrey, Nuevo León. Expediente Judicial número 1389/2019. Juicio Ejecutivo Mercantil. Actora: Mario Alejandro Robles Galván. Demandados: Grupo Empresarial D Gales, Sociedad Anónima de Capital Variable y Lorenzo Manuel Hernández Estrada. Fecha de remate: A las 12:00 doce horas del 23 veintitrés de junio del 2025 dos mil veinticinco, se llevará a cabo la audiencia de remate en pública subasta y segunda almoneda, respecto del bien inmueble embargado en autos, consistente en: Lote de terreno marcado con el número 41 cuarenta y siete del plano de fusión, de la manzana número 154 ciento cincuenta y cuatro, de la colonia Terminal, en Monterrey, Nuevo León, con una superficie de 172.68M2. Con las siguientes medidas y colindancias que se describen en autos; con valor pericial, con rebaja del 10% diez por ciento de la tasación, sirviendo como postura legal la que cubra las dos terceras partes del precio fijado. Se convoca a postores. Para intervenir en la subasta los interesados deberán consignar en la Tesorería General del Estado el 10% diez por ciento del valor del bien que sirva de base para el remate. Monterrey, Nuevo León, a 4 de junio de 2025.
LA SECRETARIA DEL JUZGADO PRIMERO DE JURISDICCIÓN CONCURRENTE DEL PRIMER DISTRITO JUDICIAL EN EL ESTADO.
LICENCIADA MIRIAM GUADALUPE BARADAUJA OCAÑAS.
(13 y 18)
EDICTO
A las 13:00 trece horas del día 19 diecinueve de junio del año 2025 dos mil veinticinco, en el local de este Juzgado Décimo Primero de lo Familiar Oral del Primer Distrito Judicial del Estado, dentro de los autos del expediente judicial número 958/2017, formado con motivo del Procedimiento Oral sobre Divorcio Incausado promovido por Ailio de Jesús José de León en contra de Carmen Claudia Sanchi Zamora Coronado, particularmente dentro del Incidente de Liquidación de la Sociedad Conyugal y la ejecución de la venta del bien inmueble que se describe en el artículo 485 del código adjetivo de la materia, se tendrá verificativo la venta judicial del bien inmueble consistente en: Lote marcado con el número 9 nueve, de la manzana 29 setenta del Fraccionamiento Arboleda, Primer Sector, del municipio de Apodaca, Nuevo León, el cual tiene una superficie de 119.00 m2. Sirviendo como postura legal la cantidad que cubra las dos terceras partes del valor pericial. La publicación de edictos se hará de conformidad con el artículo 535 del Código de Procedimientos Civiles vigente en el Estado. Monterrey, Nuevo León, a 5 de junio de 2025.
JENNIFER LILY RANGEL MORIN
C. SECRETARIO ADSCRITO AL JUZGADO DÉCIMO PRIMERO DEL JUICIO FAMILIAR ORAL
(13 y 18)
AVISO NOTARIAL
Con fecha 06 seis de junio de (2025) dos mil veinticinco se inició en la Notaría Pública a mi cargo, la SUCESIÓN TESTAMENTARIA ACUMULADA A BIENES DE BLANCA RAFAELA GUTIÉRREZ DELGADO, ROLANDO CÁRDENAS GUTIÉRREZ Y ALICIA GUADALUPE CÁRDENAS GUTIÉRREZ, quienes fallecieron los días (08) ocho de Mayo de (2024) dos mil veinticuatro, (28) veintiocho de Marzo de (2024) dos mil veinticuatro y (24) veinticuatro de Junio de (2021) dos mil veintiuno, respectivamente; la señora OLGA ESTHELA CÁRDENAS GUTIÉRREZ manifestó que acepta la herencia y el señor CARLOS ALEJANDRO DE LA GARZA CARDONA el cargo de albacea y proceder a formar el inventario de los bienes. Se publica el presente aviso en términos del artículo 882 del Código de Procedimientos Civiles vigente en el Estado. Monterrey, Nuevo León a 06 de Junio de 2025.
LIC. MIGUEL ANGEL MARTINEZ LOZANO
NOTARIO PUBLICO TITULAR NUMERO UNO
"DOS VECES DE 10 EN 10 DÍAS"
(13 y 23)
PUBLICACION NOTARIAL
Con fecha 18 de Octubre del 2024, se ha denunciado en esta Notaría, LA SUCESIÓN HEREDITARIA ADMINISTRATIVA DE INTESTADO A BIENES DE PEDRO REYES RODRÍGUEZ, mediante Acta fuera de Protocolo 095/2050/2025 compareciendo los señores AIDA DENISSE REYES RODRÍGUEZ, VALERIA SARAHI REYES RODRÍGUEZ, AIDA GUADALUPE RODRÍGUEZ CAVAZOS. Con fundamento en lo dispuesto por el artículo 882 del Código de Procedimientos Civiles vigente en el Estado, se efectuará dos publicaciones que se harán de diez en diez días en el periódico El Porvenir. Guadalupe, Nuevo León a 14 de Mayo del 2025
LIC. GLORIA ILEANA RAMOS TORRES
NOTARIO PUBLICO NUMERO 95
RATG770415JM5
(3 y 13)
